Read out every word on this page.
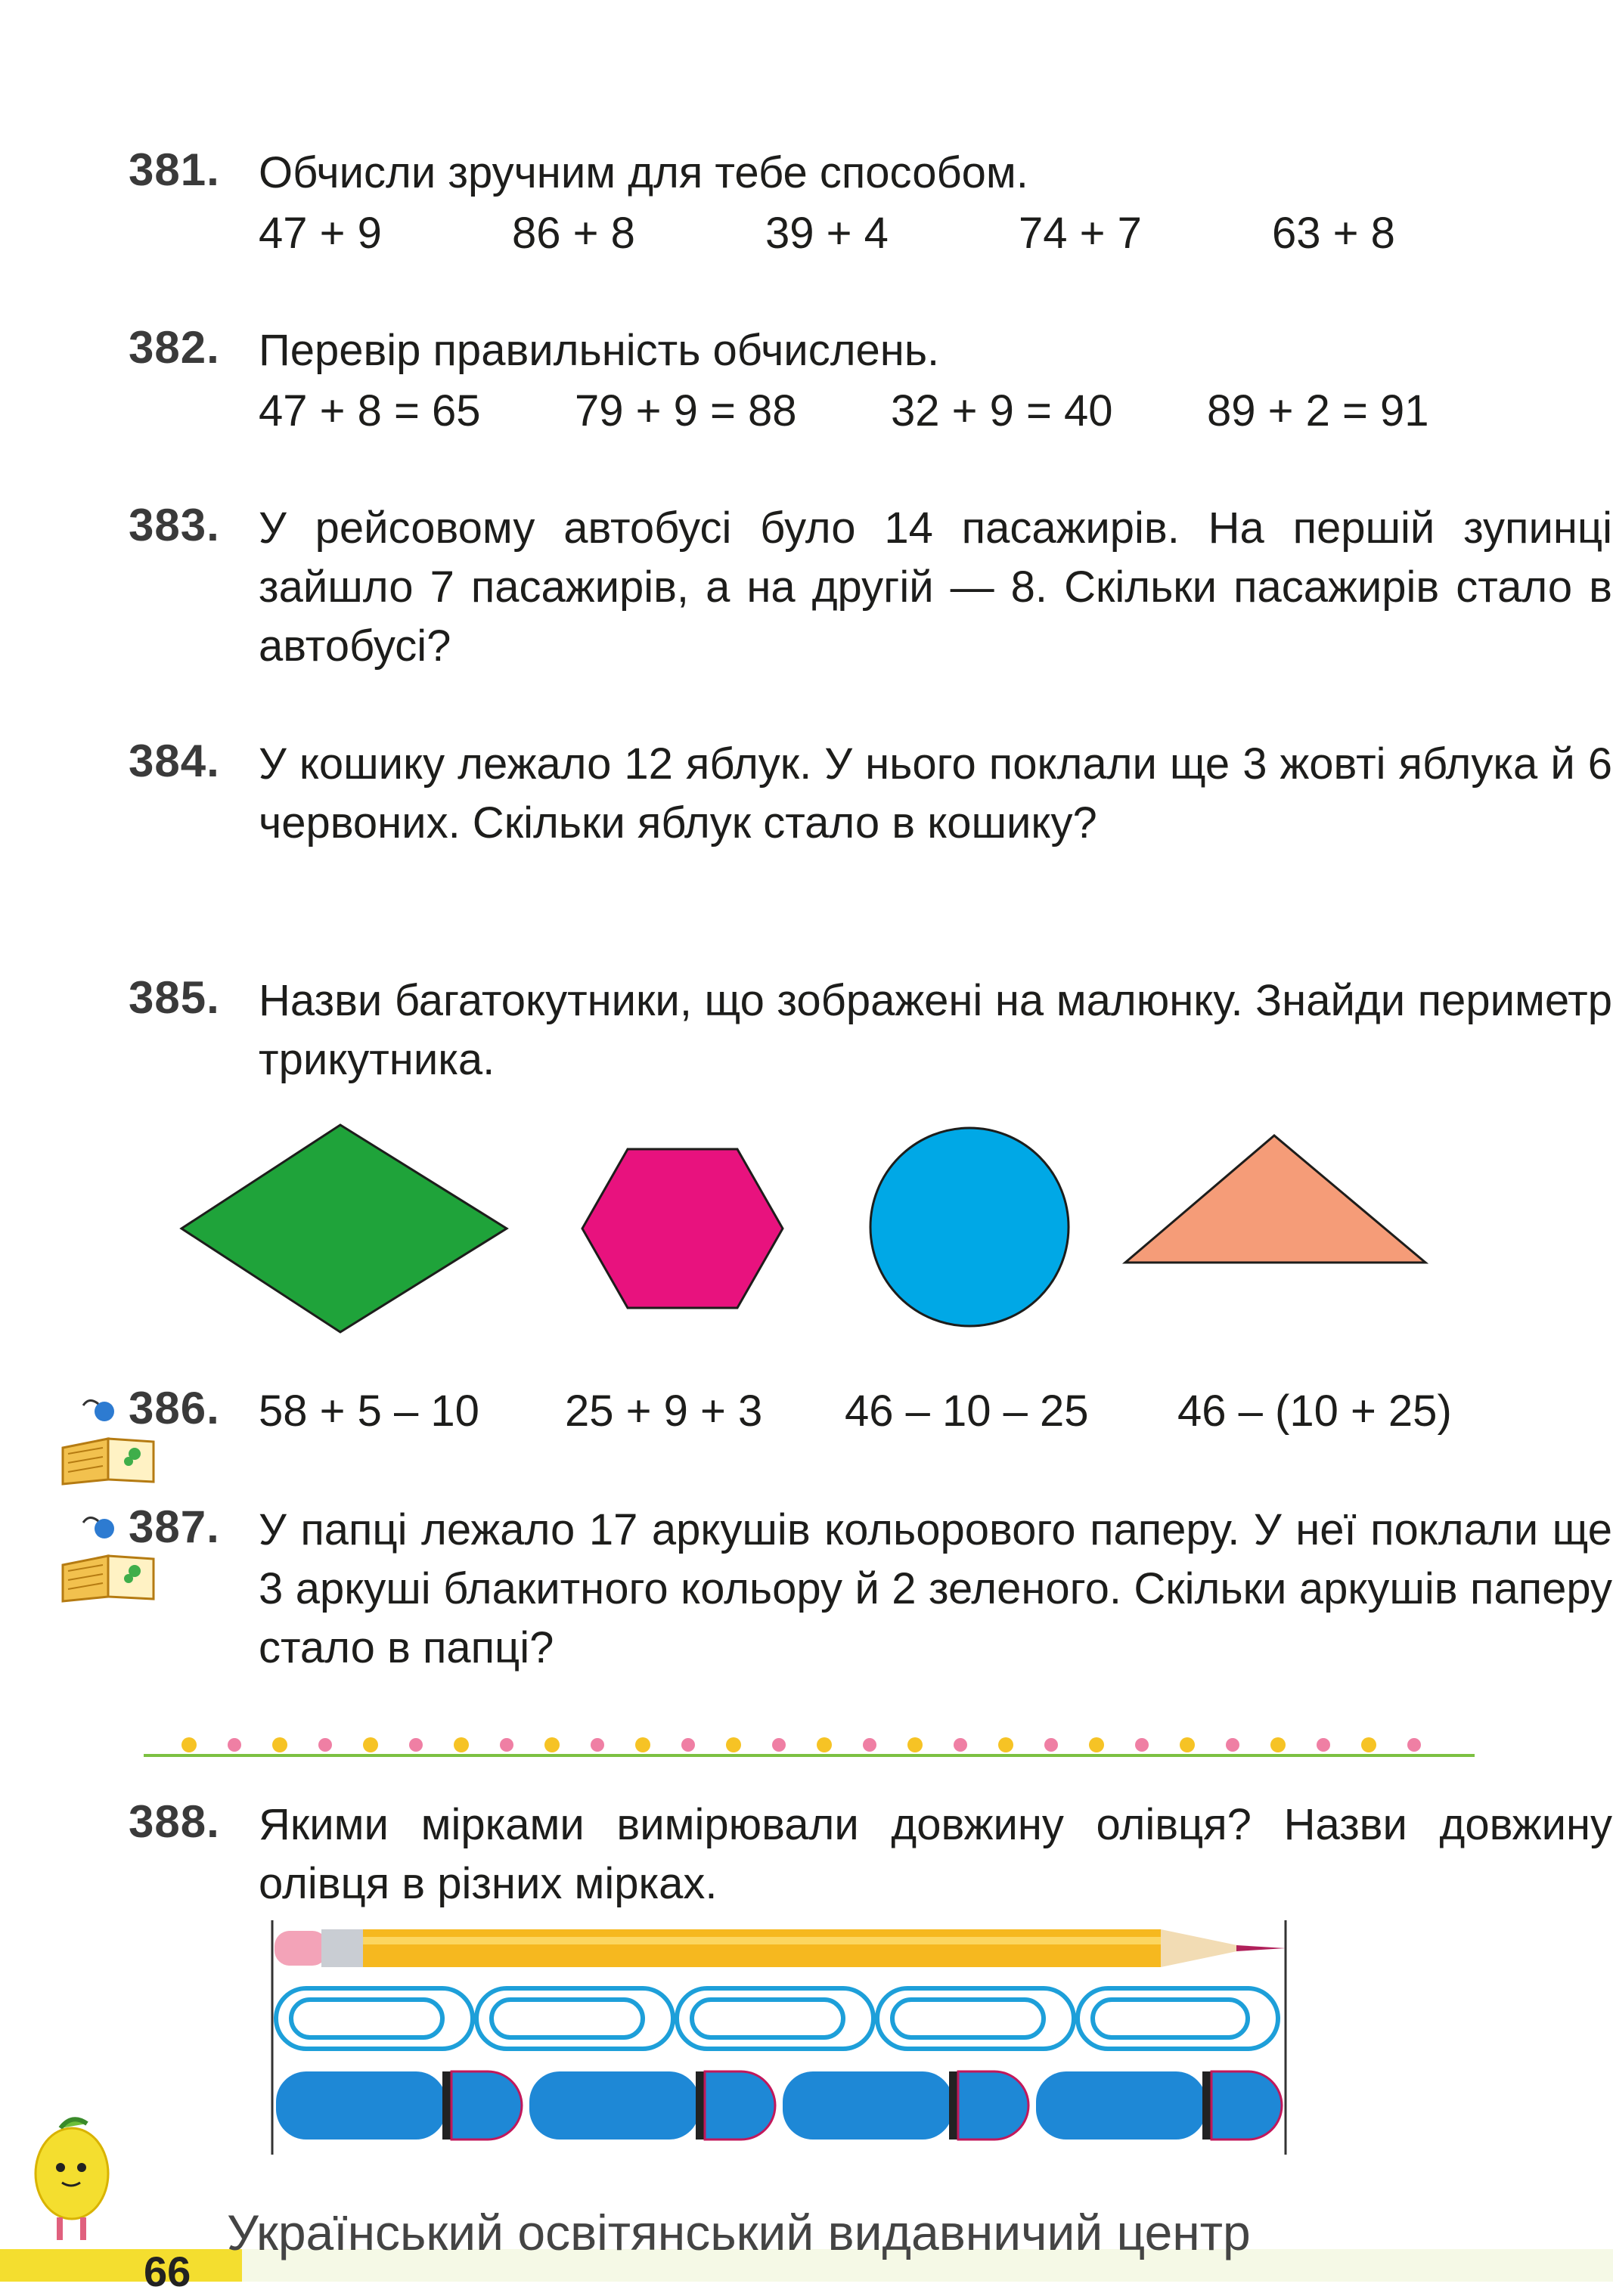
381. Обчисли зручним для тебе способом.
47 + 9	86 + 8	39 + 4	74 + 7	63 + 8
382. Перевір правильність обчислень.
47 + 8 = 65	79 + 9 = 88	32 + 9 = 40	89 + 2 = 91
383. У рейсовому автобусі було 14 пасажирів. На першій зупинці зайшло 7 пасажирів, а на другій — 8. Скільки пасажирів стало в автобусі?
384. У кошику лежало 12 яблук. У нього поклали ще 3 жовті яблука й 6 червоних. Скільки яблук стало в кошику?
385. Назви багатокутники, що зображені на малюнку. Знайди периметр трикутника.
386. 58 + 5 – 10	25 + 9 + 3	46 – 10 – 25	46 – (10 + 25)
387. У папці лежало 17 аркушів кольорового паперу. У неї поклали ще 3 аркуші блакитного кольору й 2 зеленого. Скільки аркушів паперу стало в папці?
388. Якими мірками вимірювали довжину олівця? Назви довжину олівця в різних мірках.
66
Український освітянський видавничий центр
